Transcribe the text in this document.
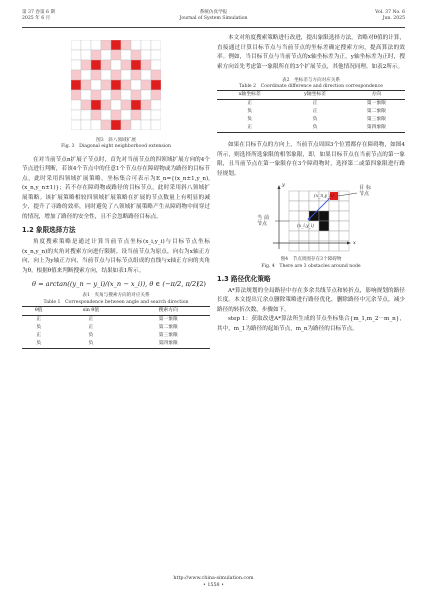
第 37 卷第 6 期
2025 年 6 月
系统仿真学报
Journal of System Simulation
Vol. 37 No. 6
Jun. 2025
图3　斜八领域扩展
Fig. 3　Diagonal eight neighborhood extension

在对当前节点n扩展子节点时，首先对当前节点的四领域扩展方向的4个节点进行判断，若该4个节点中的任意1个节点存在障碍物或为路径的目标节点，此时采用四领域扩展策略，坐标集合可表示为E_n={(x_n±1,y_n),(x_n,y_n±1)}；若不存在障碍物或路径的目标节点，此时采用斜八领域扩展策略。该扩展策略相较四领域扩展策略在扩展的节点数量上有明显的减少，提升了寻路的效率，同时避免了八领域扩展策略产生从障碍物中间穿过的情况，增加了路径的安全性，且不会忽略路径目标点。

1.2 象限选择方法

角度搜索策略是通过计算当前节点坐标(x_i,y_i)与目标节点坐标(x_n,y_n)的夹角对搜索方向进行限制。设当前节点为原点，向右为x轴正方向，向上为y轴正方向，当前节点与目标节点组成的直线与x轴正方向的夹角为θ。根据θ值来判断搜索方向，结果如表1所示。

θ = arctan((y_n − y_i)/(x_n − x_i)), θ ∈ (−π/2, π/2)
(2)
表1　夹角与搜索方向的对应关系
Table 1　Correspondence between angle and search direction
θ值	sin θ值	搜索方向
正	正	第一象限
负	正	第二象限
正	负	第三象限
负	负	第四象限

本文对角度搜索策略进行改进，提出象限选择方法。省略对θ值的计算，直接通过计算目标节点与当前节点的坐标差确定搜索方向，提高算法的效率。例如，当目标节点与当前节点的x轴坐标差为正，y轴坐标差为正时，搜索方向首先考虑第一象限所在的3个扩展节点，其他情况同理，如表2所示。

表2　坐标差与方向对应关系
Table 2　Coordinate difference and direction correspondence
x轴坐标差	y轴坐标差	方向
正	正	第一象限
负	正	第二象限
负	负	第三象限
正	负	第四象限

如果在目标节点的方向上，当前节点周围3个位置都存在障碍物，如图4所示，则选择所选象限的相邻象限，即，如果目标节点在当前节点的第一象限，且当前节点在第一象限存在3个障碍物时，选择第二或第四象限进行路径规划。

目标节点
当前节点
(x_n,y_n)
(x_i,y_i)
x
y
图4　节点周围存在3个障碍物
Fig. 4　There are 3 obstacles around node
1.3 路径优化策略

A*算法规划的全局路径中存在多余共线节点和转折点，影响规划的路径长度。本文提出冗余点删除策略进行路径优化，删除路径中冗余节点，减少路径的转折次数，步骤如下。

step 1：获取改进A*算法所生成的节点坐标集合{m_1,m_2⋯m_n}，其中，m_1为路径的起始节点，m_n为路径的目标节点。

http://www.china-simulation.com
• 1558 •
